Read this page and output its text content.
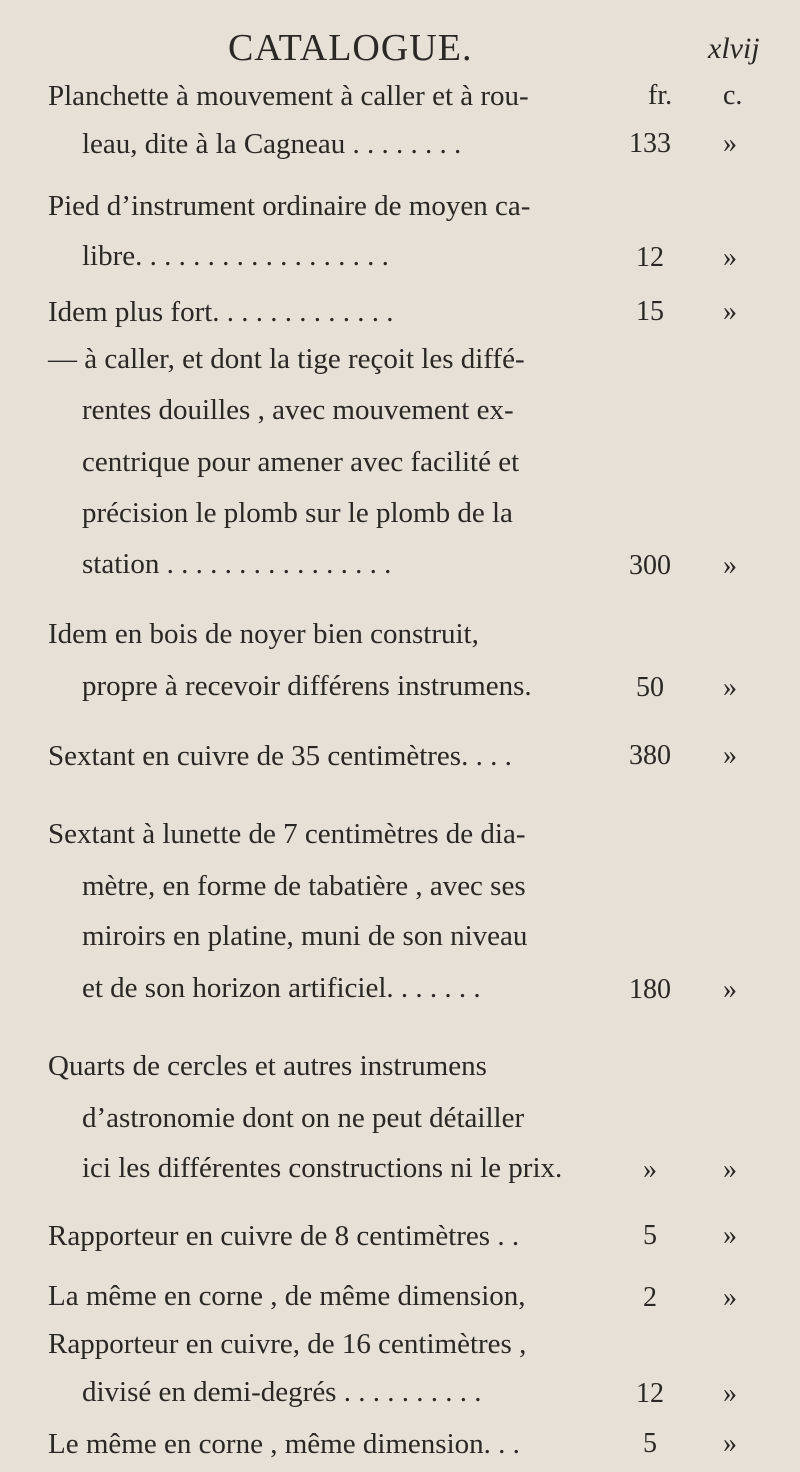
CATALOGUE.	xlvij
fr. c.
Planchette à mouvement à caller et à rou-
leau, dite à la Cagneau . . . . . . . .	133	»
Pied d’instrument ordinaire de moyen ca-
libre. . . . . . . . . . . . . . . . . .	12	»
Idem plus fort. . . . . . . . . . . . .	15	»
— à caller, et dont la tige reçoit les diffé-
rentes douilles , avec mouvement ex-
centrique pour amener avec facilité et
précision le plomb sur le plomb de la
station . . . . . . . . . . . . . . . .	300	»
Idem en bois de noyer bien construit,
propre à recevoir différens instrumens.	50	»
Sextant en cuivre de 35 centimètres. . . .	380	»
Sextant à lunette de 7 centimètres de dia-
mètre, en forme de tabatière , avec ses
miroirs en platine, muni de son niveau
et de son horizon artificiel. . . . . . .	180	»
Quarts de cercles et autres instrumens
d’astronomie dont on ne peut détailler
ici les différentes constructions ni le prix.	»	»
Rapporteur en cuivre de 8 centimètres . .	5	»
La même en corne , de même dimension,	2	»
Rapporteur en cuivre, de 16 centimètres ,
divisé en demi-degrés . . . . . . . . . .	12	»
Le même en corne , même dimension. . .	5	»
